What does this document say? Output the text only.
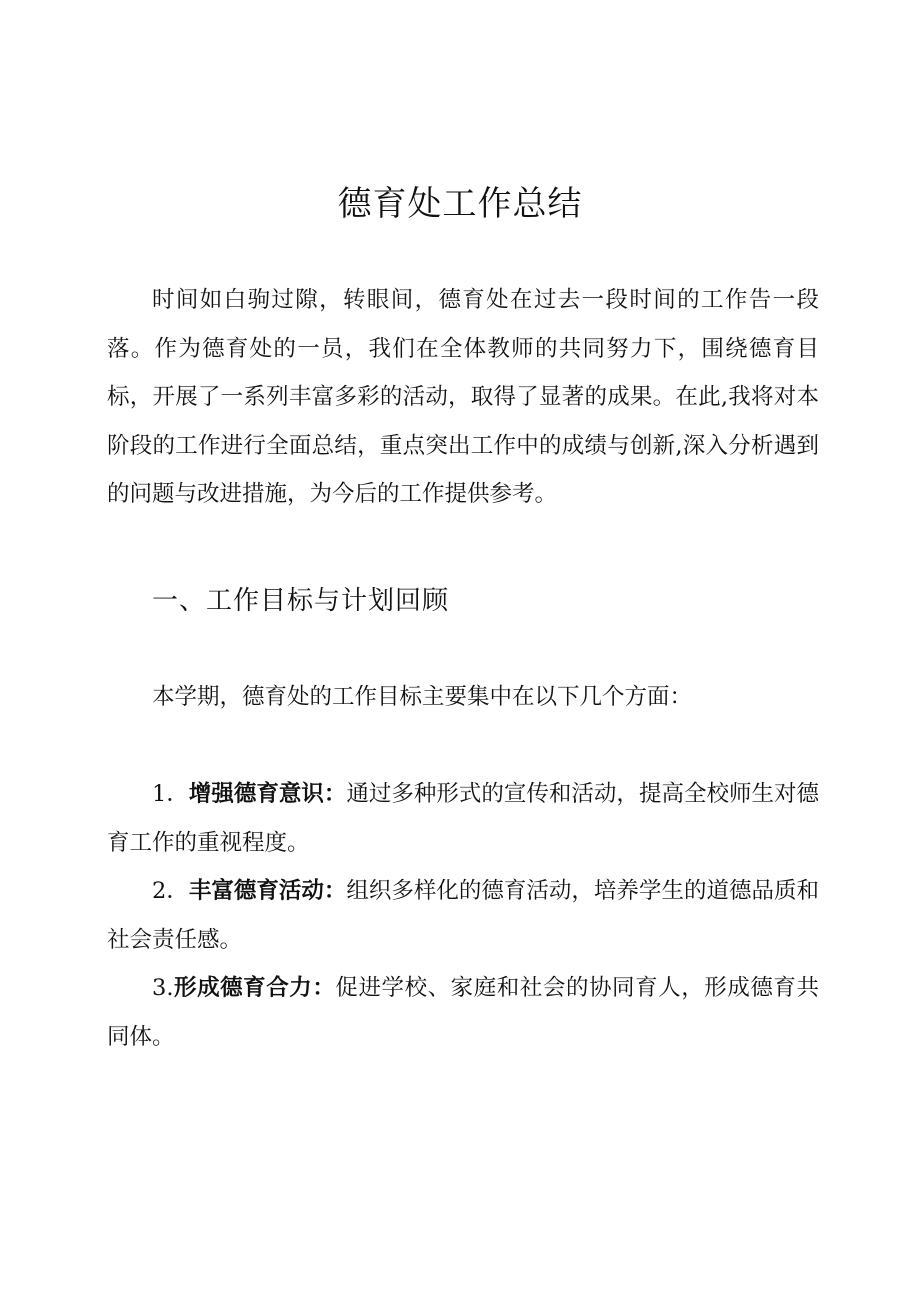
德育处工作总结

时间如白驹过隙，转眼间，德育处在过去一段时间的工作告一段落。作为德育处的一员，我们在全体教师的共同努力下，围绕德育目标，开展了一系列丰富多彩的活动，取得了显著的成果。在此,我将对本阶段的工作进行全面总结，重点突出工作中的成绩与创新,深入分析遇到的问题与改进措施，为今后的工作提供参考。

一、工作目标与计划回顾

本学期，德育处的工作目标主要集中在以下几个方面：

1．增强德育意识：通过多种形式的宣传和活动，提高全校师生对德育工作的重视程度。

2．丰富德育活动：组织多样化的德育活动，培养学生的道德品质和社会责任感。

3.形成德育合力：促进学校、家庭和社会的协同育人，形成德育共同体。
